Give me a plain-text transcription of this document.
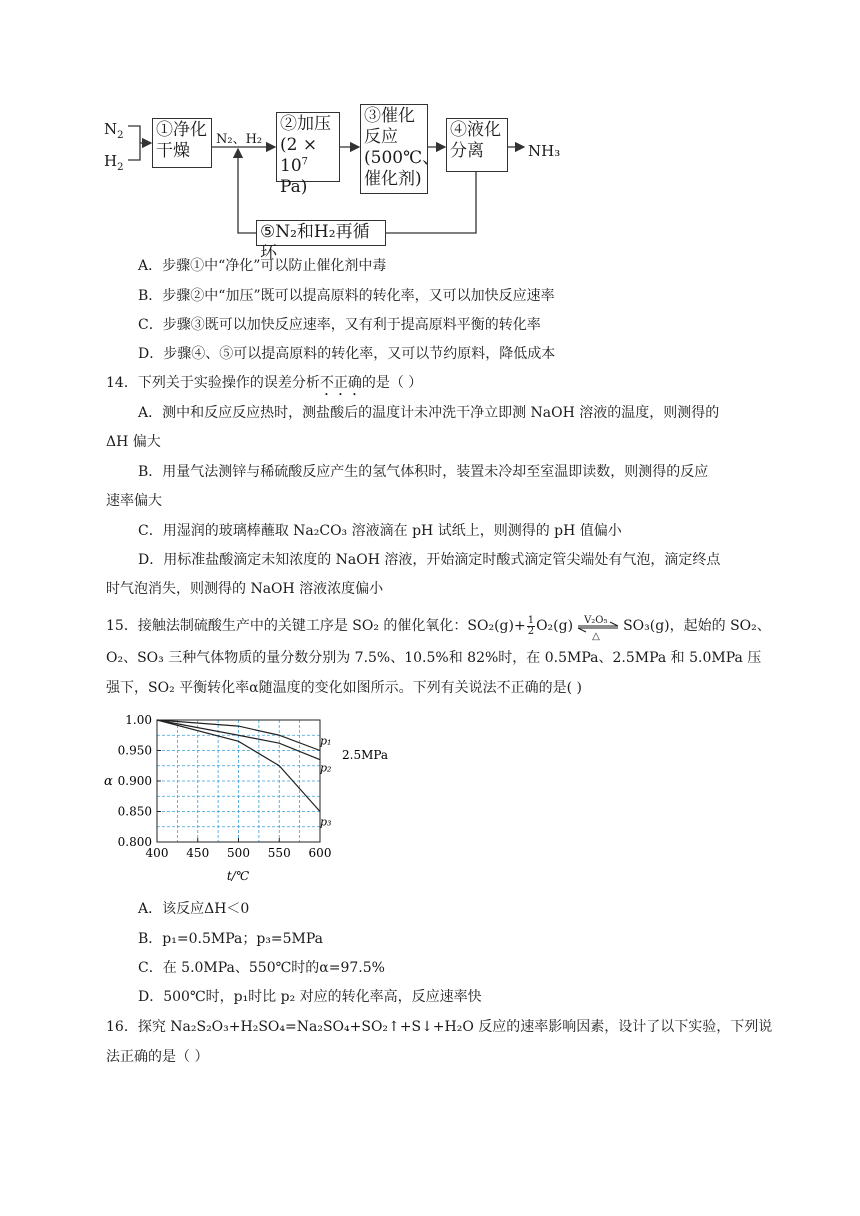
$N_2$
$H_2$
①净化
干燥
N₂、H₂
②加压
($2 \times 10^7$
Pa)
③催化
反应
(500℃、
催化剂)
④液化
分离	NH₃
⑤N₂和H₂再循环
A．步骤①中“净化”可以防止催化剂中毒
B．步骤②中“加压”既可以提高原料的转化率，又可以加快反应速率
C．步骤③既可以加快反应速率，又有利于提高原料平衡的转化率
D．步骤④、⑤可以提高原料的转化率，又可以节约原料，降低成本
14．下列关于实验操作的误差分析不正确的是（ ）
A．测中和反应反应热时，测盐酸后的温度计未冲洗干净立即测 NaOH 溶液的温度，则测得的
ΔH 偏大
B．用量气法测锌与稀硫酸反应产生的氢气体积时，装置未冷却至室温即读数，则测得的反应
速率偏大
C．用湿润的玻璃棒蘸取 Na₂CO₃ 溶液滴在 pH 试纸上，则测得的 pH 值偏小
D．用标准盐酸滴定未知浓度的 NaOH 溶液，开始滴定时酸式滴定管尖端处有气泡，滴定终点
时气泡消失，则测得的 NaOH 溶液浓度偏小
15．接触法制硫酸生产中的关键工序是 SO₂ 的催化氧化：$SO_2(g)+ \frac{1}{2} O_2(g)$ V₂O₅
△
SO₃(g)，起始的 SO₂、
O₂、SO₃ 三种气体物质的量分数分别为 7.5%、10.5%和 82%时，在 0.5MPa、2.5MPa 和 5.0MPa 压
强下，SO₂ 平衡转化率α随温度的变化如图所示。下列有关说法不正确的是( )
400 450 500 550 600
1.00
0.950
0.900
0.850
0.800
t/℃
α
p₁
p₂
p₃
2.5MPa
A．该反应ΔH＜0
B．p₁=0.5MPa；p₃=5MPa
C．在 5.0MPa、550℃时的α=97.5%
D．500℃时，p₁时比 p₂ 对应的转化率高，反应速率快
16．探究 Na₂S₂O₃+H₂SO₄=Na₂SO₄+SO₂↑+S↓+H₂O 反应的速率影响因素，设计了以下实验，下列说
法正确的是（ ）
